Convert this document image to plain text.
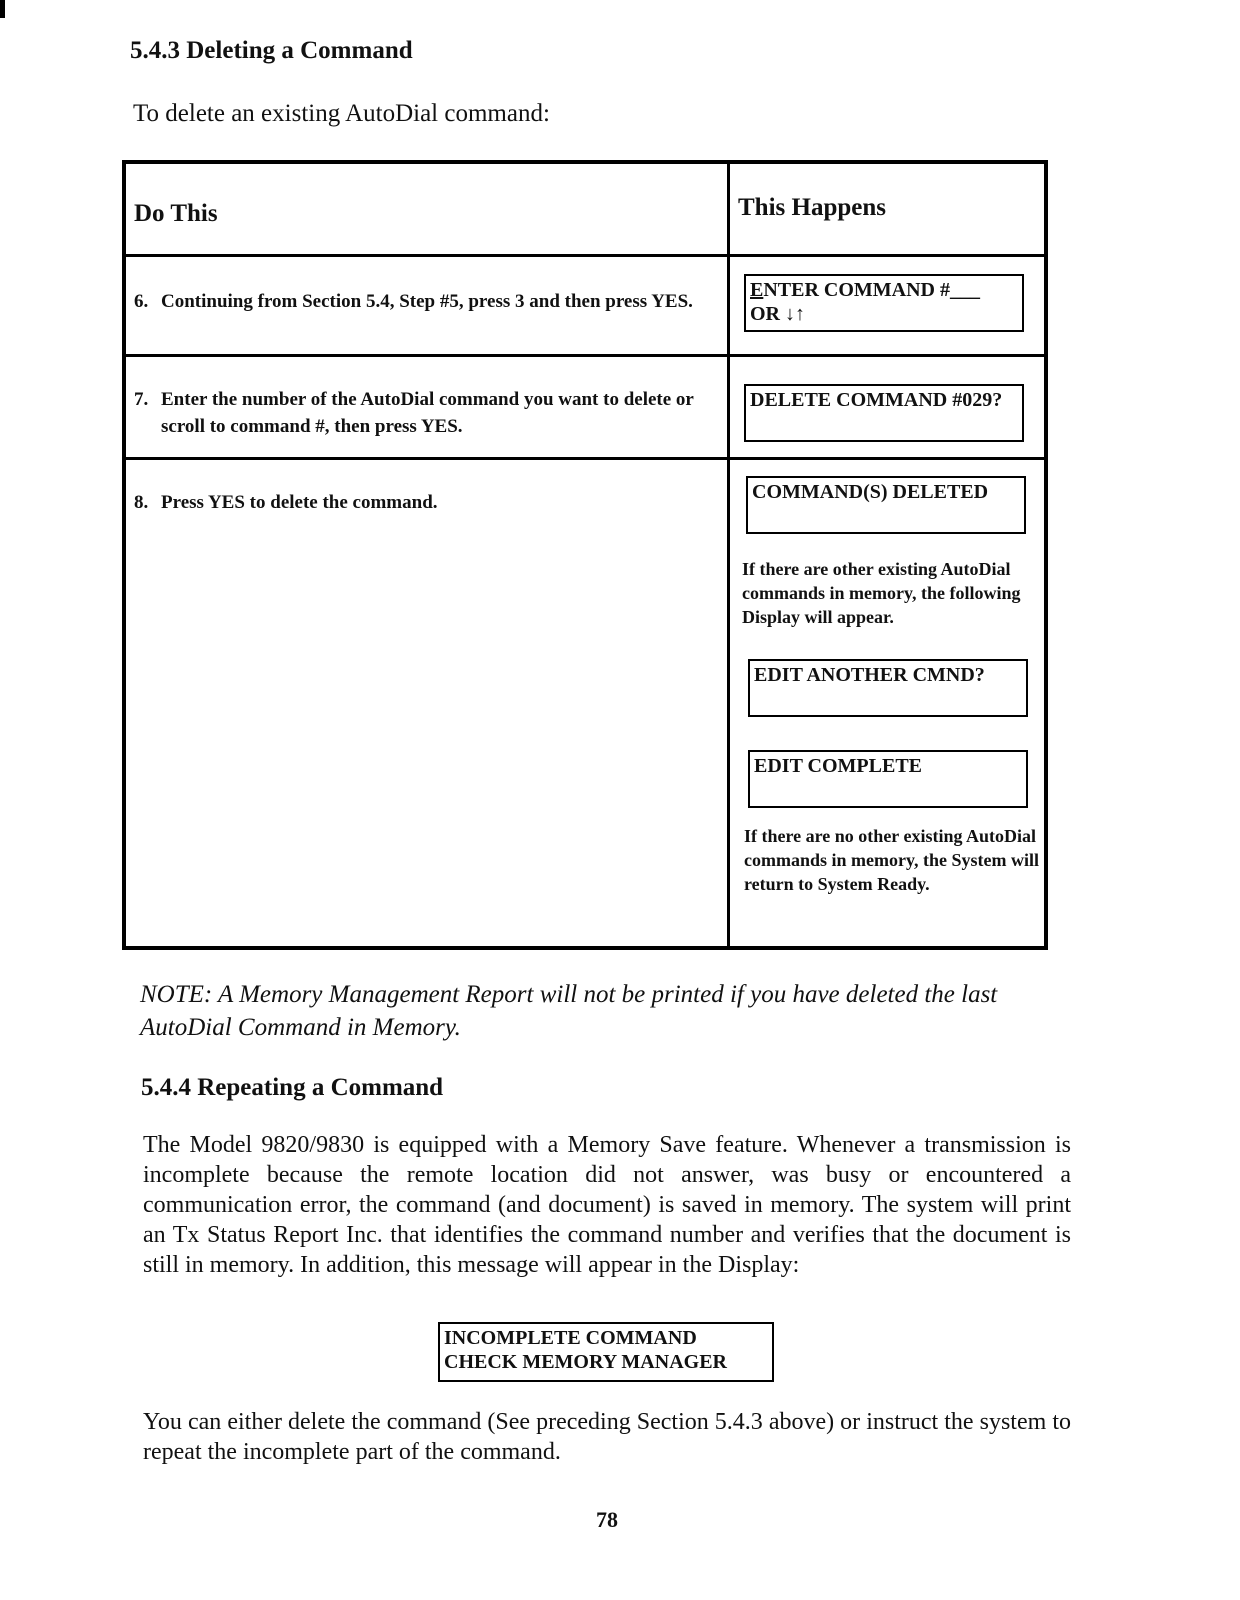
5.4.3 Deleting a Command

To delete an existing AutoDial command:

Do This	This Happens
6. Continuing from Section 5.4, Step #5, press 3 and then press YES.
7. Enter the number of the AutoDial command you want to delete or scroll to command #, then press YES.
8. Press YES to delete the command.
ENTER COMMAND #___
OR ↓↑
DELETE COMMAND #029?
COMMAND(S) DELETED
If there are other existing AutoDial commands in memory, the following Display will appear.
EDIT ANOTHER CMND?
EDIT COMPLETE
If there are no other existing AutoDial commands in memory, the System will return to System Ready.

NOTE: A Memory Management Report will not be printed if you have deleted the last AutoDial Command in Memory.

5.4.4 Repeating a Command

The Model 9820/9830 is equipped with a Memory Save feature. Whenever a transmission is incomplete because the remote location did not answer, was busy or encountered a communication error, the command (and document) is saved in memory. The system will print an Tx Status Report Inc. that identifies the command number and verifies that the document is still in memory. In addition, this message will appear in the Display:

INCOMPLETE COMMAND
CHECK MEMORY MANAGER

You can either delete the command (See preceding Section 5.4.3 above) or instruct the system to repeat the incomplete part of the command.

78
